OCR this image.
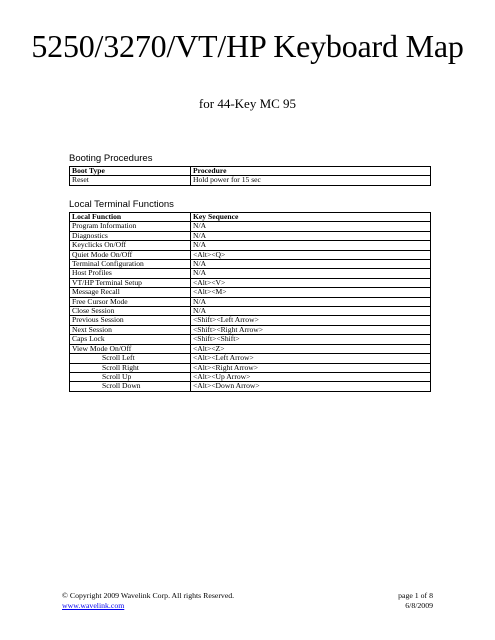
5250/3270/VT/HP Keyboard Map
for 44-Key MC 95
Booting Procedures
Boot Type	Procedure
Reset	Hold power for 15 sec
Local Terminal Functions
Local Function	Key Sequence
Program Information	N/A
Diagnostics	N/A
Keyclicks On/Off	N/A
Quiet Mode On/Off	<Alt><Q>
Terminal Configuration	N/A
Host Profiles	N/A
VT/HP Terminal Setup	<Alt><V>
Message Recall	<Alt><M>
Free Cursor Mode	N/A
Close Session	N/A
Previous Session	<Shift><Left Arrow>
Next Session	<Shift><Right Arrow>
Caps Lock	<Shift><Shift>
View Mode On/Off	<Alt><Z>
Scroll Left	<Alt><Left Arrow>
Scroll Right	<Alt><Right Arrow>
Scroll Up	<Alt><Up Arrow>
Scroll Down	<Alt><Down Arrow>
© Copyright 2009 Wavelink Corp. All rights Reserved.
www.wavelink.com
page 1 of 8
6/8/2009
